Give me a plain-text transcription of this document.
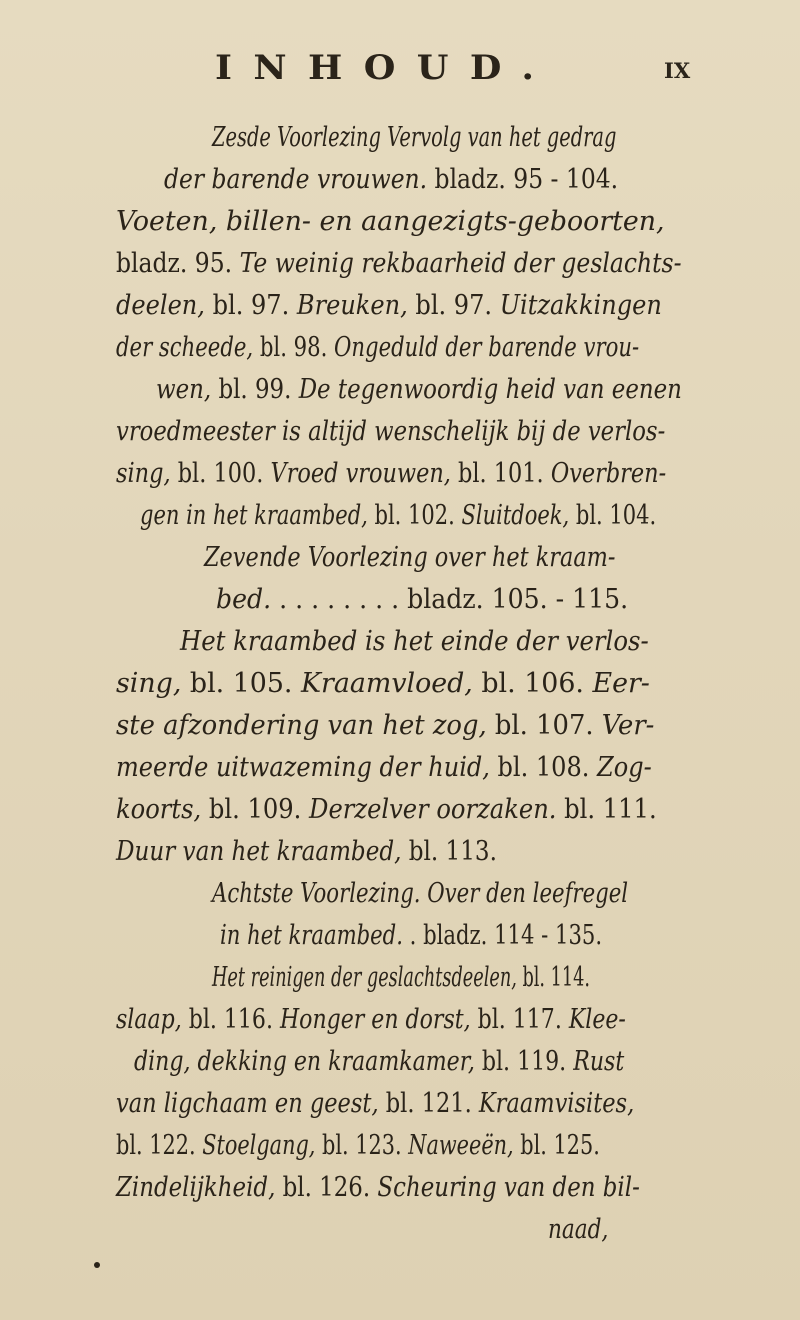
INHOUD.	IX
Zesde Voorlezing Vervolg van het gedrag
der barende vrouwen. bladz. 95 - 104.
Voeten, billen- en aangezigts-geboorten,
bladz. 95. Te weinig rekbaarheid der geslachts-
deelen, bl. 97. Breuken, bl. 97. Uitzakkingen
der scheede, bl. 98. Ongeduld der barende vrou-
wen, bl. 99. De tegenwoordig heid van eenen
vroedmeester is altijd wenschelijk bij de verlos-
sing, bl. 100. Vroed vrouwen, bl. 101. Overbren-
gen in het kraambed, bl. 102. Sluitdoek, bl. 104.
Zevende Voorlezing over het kraam-
bed. . . . . . . . . bladz. 105. - 115.
Het kraambed is het einde der verlos-
sing, bl. 105. Kraamvloed, bl. 106. Eer-
ste afzondering van het zog, bl. 107. Ver-
meerde uitwazeming der huid, bl. 108. Zog-
koorts, bl. 109. Derzelver oorzaken. bl. 111.
Duur van het kraambed, bl. 113.
Achtste Voorlezing. Over den leefregel
in het kraambed. . bladz. 114 - 135.
Het reinigen der geslachtsdeelen, bl. 114.
slaap, bl. 116. Honger en dorst, bl. 117. Klee-
ding, dekking en kraamkamer, bl. 119. Rust
van ligchaam en geest, bl. 121. Kraamvisites,
bl. 122. Stoelgang, bl. 123. Naweeën, bl. 125.
Zindelijkheid, bl. 126. Scheuring van den bil-
naad,
